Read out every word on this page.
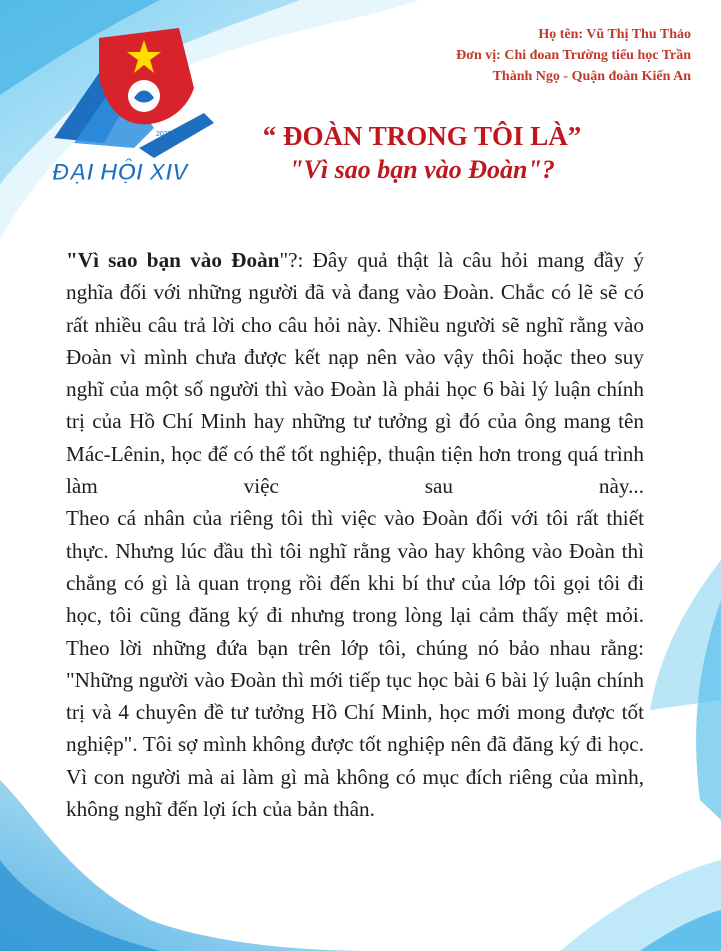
2022 - 2027
ĐẠI HỘI XIV
Họ tên: Vũ Thị Thu Thảo
Đơn vị: Chi đoan Trường tiểu học Trần
Thành Ngọ - Quận đoàn Kiến An
“ ĐOÀN TRONG TÔI LÀ”
"Vì sao bạn vào Đoàn"?

"Vì sao bạn vào Đoàn"?: Đây quả thật là câu hỏi mang đầy ý nghĩa đối với những người đã và đang vào Đoàn. Chắc có lẽ sẽ có rất nhiều câu trả lời cho câu hỏi này. Nhiều người sẽ nghĩ rằng vào Đoàn vì mình chưa được kết nạp nên vào vậy thôi hoặc theo suy nghĩ của một số người thì vào Đoàn là phải học 6 bài lý luận chính trị của Hồ Chí Minh hay những tư tưởng gì đó của ông mang tên Mác-Lênin, học để có thể tốt nghiệp, thuận tiện hơn trong quá trình làm việc sau này...

Theo cá nhân của riêng tôi thì việc vào Đoàn đối với tôi rất thiết thực. Nhưng lúc đầu thì tôi nghĩ rằng vào hay không vào Đoàn thì chẳng có gì là quan trọng rồi đến khi bí thư của lớp tôi gọi tôi đi học, tôi cũng đăng ký đi nhưng trong lòng lại cảm thấy mệt mỏi. Theo lời những đứa bạn trên lớp tôi, chúng nó bảo nhau rằng: "Những người vào Đoàn thì mới tiếp tục học bài 6 bài lý luận chính trị và 4 chuyên đề tư tưởng Hồ Chí Minh, học mới mong được tốt nghiệp". Tôi sợ mình không được tốt nghiệp nên đã đăng ký đi học. Vì con người mà ai làm gì mà không có mục đích riêng của mình, không nghĩ đến lợi ích của bản thân.
